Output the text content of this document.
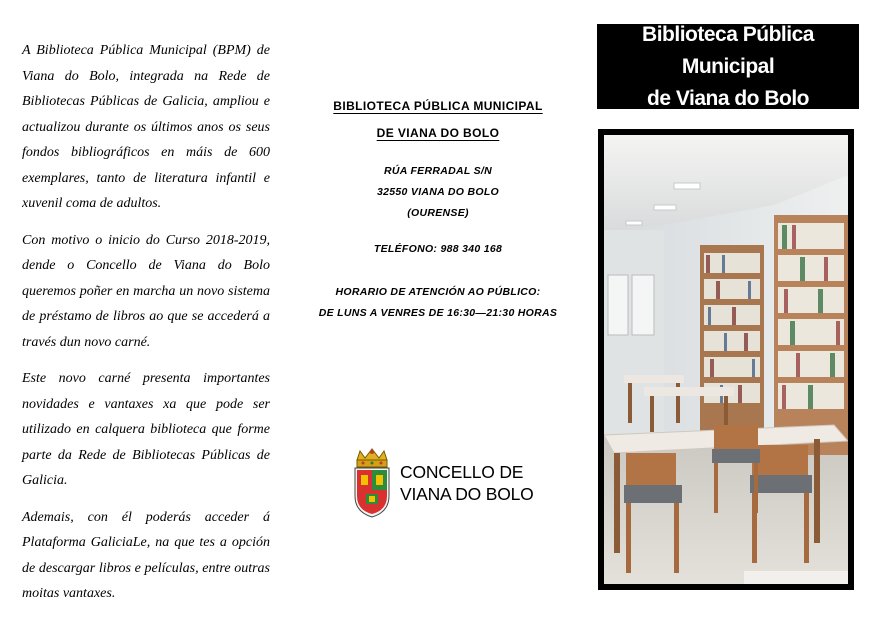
A Biblioteca Pública Municipal (BPM) de Viana do Bolo, integrada na Rede de Bibliotecas Públicas de Galicia, ampliou e actualizou durante os últimos anos os seus fondos bibliográficos en máis de 600 exemplares, tanto de literatura infantil e xuvenil coma de adultos.

Con motivo o inicio do Curso 2018-2019, dende o Concello de Viana do Bolo queremos poñer en marcha un novo sistema de préstamo de libros ao que se accederá a través dun novo carné.

Este novo carné presenta importantes novidades e vantaxes xa que pode ser utilizado en calquera biblioteca que forme parte da Rede de Bibliotecas Públicas de Galicia.

Ademais, con él poderás acceder á Plataforma GaliciaLe, na que tes a opción de descargar libros e películas, entre outras moitas vantaxes.

BIBLIOTECA PÚBLICA MUNICIPAL

DE VIANA DO BOLO

RÚA FERRADAL S/N
32550 VIANA DO BOLO
(OURENSE)
TELÉFONO: 988 340 168
HORARIO DE ATENCIÓN AO PÚBLICO:
DE LUNS A VENRES DE 16:30—21:30 HORAS
CONCELLO DE
VIANA DO BOLO
Biblioteca Pública Municipal
de Viana do Bolo
